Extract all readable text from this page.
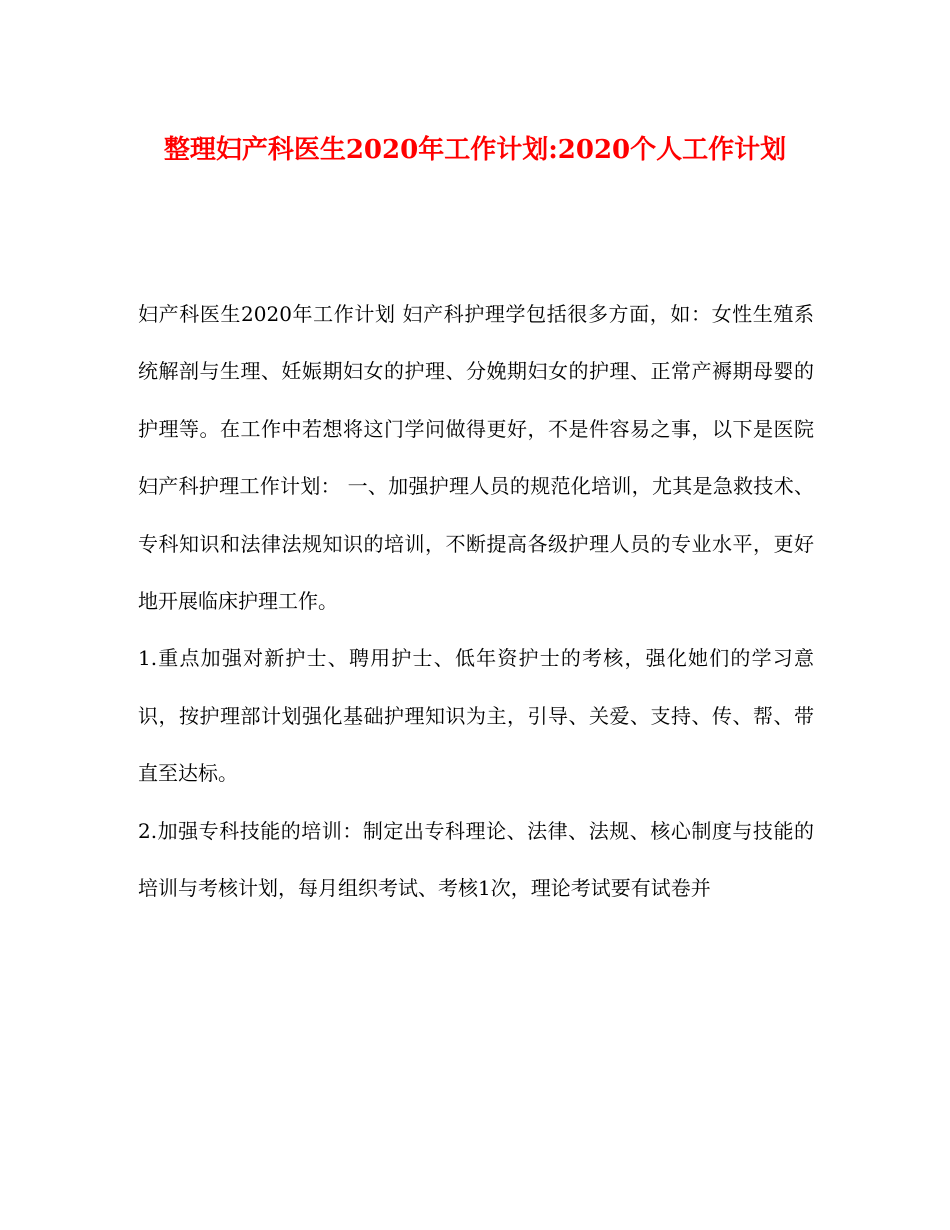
整理妇产科医生2020年工作计划:2020个人工作计划

妇产科医生2020年工作计划 妇产科护理学包括很多方面，如：女性生殖系统解剖与生理、妊娠期妇女的护理、分娩期妇女的护理、正常产褥期母婴的护理等。在工作中若想将这门学问做得更好，不是件容易之事，以下是医院妇产科护理工作计划： 一、加强护理人员的规范化培训，尤其是急救技术、专科知识和法律法规知识的培训，不断提高各级护理人员的专业水平，更好地开展临床护理工作。

1.重点加强对新护士、聘用护士、低年资护士的考核，强化她们的学习意识，按护理部计划强化基础护理知识为主，引导、关爱、支持、传、帮、带直至达标。

2.加强专科技能的培训：制定出专科理论、法律、法规、核心制度与技能的培训与考核计划，每月组织考试、考核1次，理论考试要有试卷并
